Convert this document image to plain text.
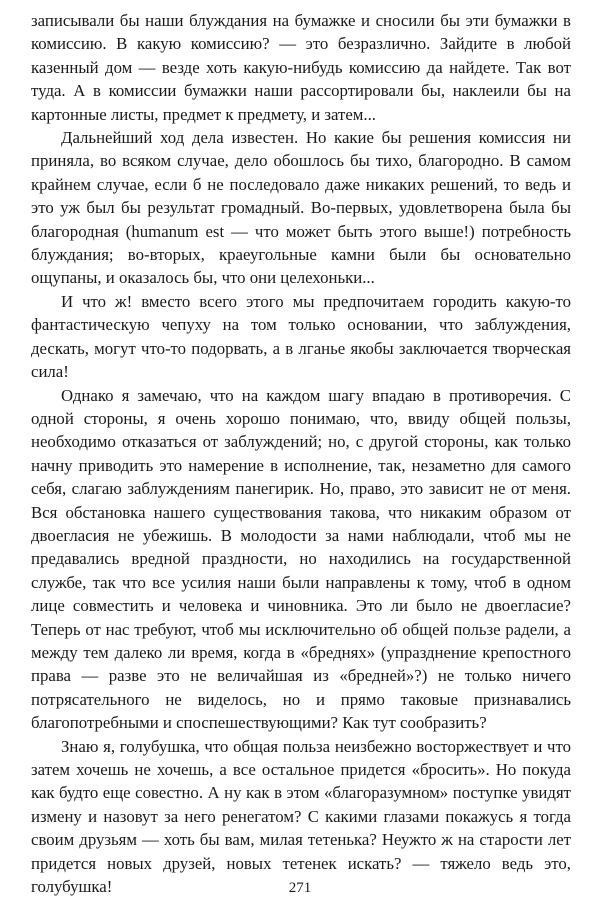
записывали бы наши блуждания на бумажке и сносили бы эти бумажки в комиссию. В какую комиссию? — это безразлично. Зайдите в любой казенный дом — везде хоть какую-нибудь комиссию да найдете. Так вот туда. А в комиссии бумажки наши рассортировали бы, наклеили бы на картонные листы, предмет к предмету, и затем...

Дальнейший ход дела известен. Но какие бы решения комиссия ни приняла, во всяком случае, дело обошлось бы тихо, благородно. В самом крайнем случае, если б не последовало даже никаких решений, то ведь и это уж был бы результат громадный. Во-первых, удовлетворена была бы благородная (humanum est — что может быть этого выше!) потребность блуждания; во-вторых, краеугольные камни были бы основательно ощупаны, и оказалось бы, что они целехоньки...

И что ж! вместо всего этого мы предпочитаем городить какую-то фантастическую чепуху на том только основании, что заблуждения, дескать, могут что-то подорвать, а в лганье якобы заключается творческая сила!

Однако я замечаю, что на каждом шагу впадаю в противоречия. С одной стороны, я очень хорошо понимаю, что, ввиду общей пользы, необходимо отказаться от заблуждений; но, с другой стороны, как только начну приводить это намерение в исполнение, так, незаметно для самого себя, слагаю заблуждениям панегирик. Но, право, это зависит не от меня. Вся обстановка нашего существования такова, что никаким образом от двоегласия не убежишь. В молодости за нами наблюдали, чтоб мы не предавались вредной праздности, но находились на государственной службе, так что все усилия наши были направлены к тому, чтоб в одном лице совместить и человека и чиновника. Это ли было не двоегласие? Теперь от нас требуют, чтоб мы исключительно об общей пользе радели, а между тем далеко ли время, когда в «бреднях» (упразднение крепостного права — разве это не величайшая из «бредней»?) не только ничего потрясательного не виделось, но и прямо таковые признавались благопотребными и споспешествующими? Как тут сообразить?

Знаю я, голубушка, что общая польза неизбежно восторжествует и что затем хочешь не хочешь, а все остальное придется «бросить». Но покуда как будто еще совестно. А ну как в этом «благоразумном» поступке увидят измену и назовут за него ренегатом? С какими глазами покажусь я тогда своим друзьям — хоть бы вам, милая тетенька? Неужто ж на старости лет придется новых друзей, новых тетенек искать? — тяжело ведь это, голубушка!	271
